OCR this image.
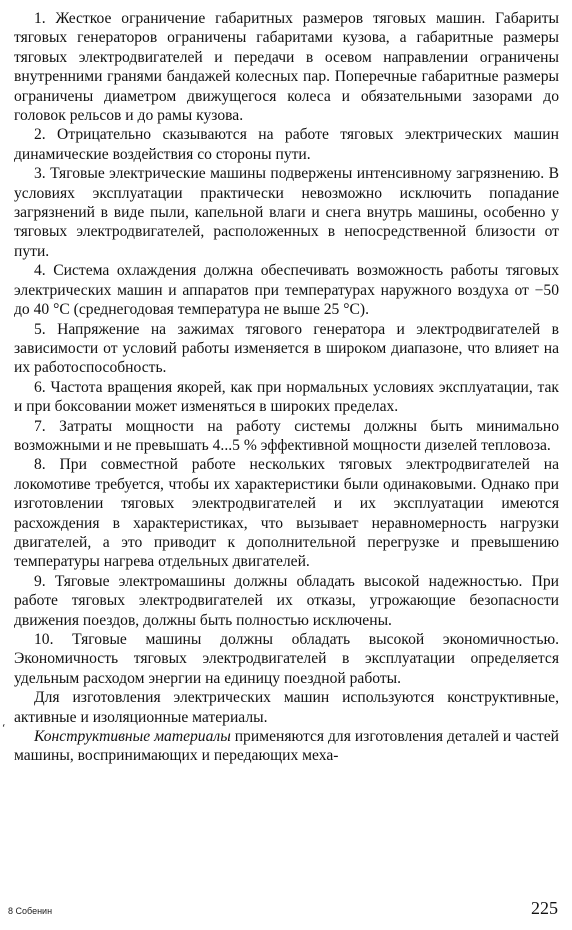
1. Жесткое ограничение габаритных размеров тяговых машин. Габариты тяговых генераторов ограничены габаритами кузова, а габаритные размеры тяговых электродвигателей и передачи в осевом направлении ограничены внутренними гранями бандажей колесных пар. Поперечные габаритные размеры ограничены диаметром движущегося колеса и обязательными зазорами до головок рельсов и до рамы кузова.

2. Отрицательно сказываются на работе тяговых электрических машин динамические воздействия со стороны пути.

3. Тяговые электрические машины подвержены интенсивному загрязнению. В условиях эксплуатации практически невозможно исключить попадание загрязнений в виде пыли, капельной влаги и снега внутрь машины, особенно у тяговых электродвигателей, расположенных в непосредственной близости от пути.

4. Система охлаждения должна обеспечивать возможность работы тяговых электрических машин и аппаратов при температурах наружного воздуха от −50 до 40 °С (среднегодовая температура не выше 25 °С).

5. Напряжение на зажимах тягового генератора и электродвигателей в зависимости от условий работы изменяется в широком диапазоне, что влияет на их работоспособность.

6. Частота вращения якорей, как при нормальных условиях эксплуатации, так и при боксовании может изменяться в широких пределах.

7. Затраты мощности на работу системы должны быть минимально возможными и не превышать 4...5 % эффективной мощности дизелей тепловоза.

8. При совместной работе нескольких тяговых электродвигателей на локомотиве требуется, чтобы их характеристики были одинаковыми. Однако при изготовлении тяговых электродвигателей и их эксплуатации имеются расхождения в характеристиках, что вызывает неравномерность нагрузки двигателей, а это приводит к дополнительной перегрузке и превышению температуры нагрева отдельных двигателей.

9. Тяговые электромашины должны обладать высокой надежностью. При работе тяговых электродвигателей их отказы, угрожающие безопасности движения поездов, должны быть полностью исключены.

10. Тяговые машины должны обладать высокой экономичностью. Экономичность тяговых электродвигателей в эксплуатации определяется удельным расходом энергии на единицу поездной работы.

Для изготовления электрических машин используются конструктивные, активные и изоляционные материалы.

Конструктивные материалы применяются для изготовления деталей и частей машины, воспринимающих и передающих меха-

‘
8 Собенин	225
